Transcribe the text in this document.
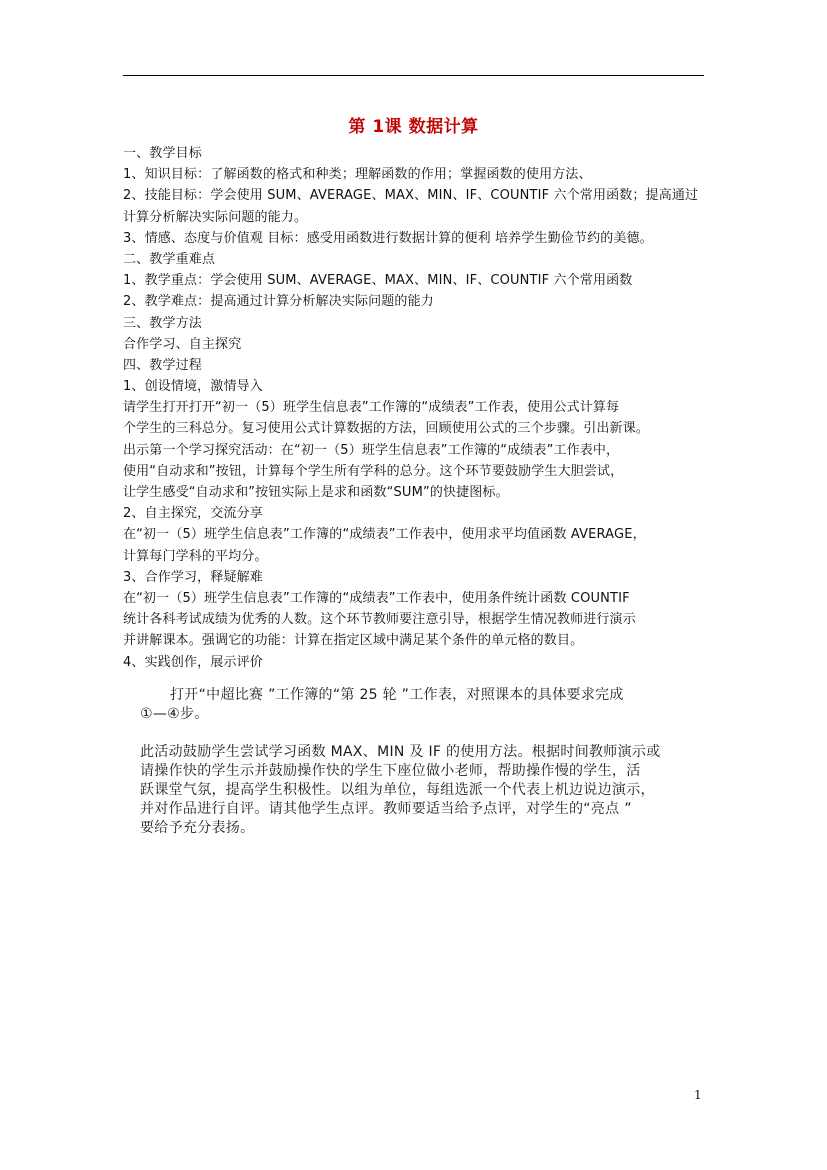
第 1课 数据计算
一、教学目标
1、知识目标：了解函数的格式和种类；理解函数的作用；掌握函数的使用方法、
2、技能目标：学会使用 SUM、AVERAGE、MAX、MIN、IF、COUNTIF 六个常用函数；提高通过
计算分析解决实际问题的能力。
3、情感、态度与价值观 目标：感受用函数进行数据计算的便利 培养学生勤俭节约的美德。
二、教学重难点
1、教学重点：学会使用 SUM、AVERAGE、MAX、MIN、IF、COUNTIF 六个常用函数
2、教学难点：提高通过计算分析解决实际问题的能力
三、教学方法
合作学习、自主探究
四、教学过程
1、创设情境，激情导入
请学生打开打开“初一（5）班学生信息表”工作簿的“成绩表”工作表，使用公式计算每
个学生的三科总分。复习使用公式计算数据的方法，回顾使用公式的三个步骤。引出新课。
出示第一个学习探究活动：在“初一（5）班学生信息表”工作簿的“成绩表”工作表中，
使用“自动求和”按钮，计算每个学生所有学科的总分。这个环节要鼓励学生大胆尝试，
让学生感受“自动求和”按钮实际上是求和函数“SUM”的快捷图标。
2、自主探究，交流分享
在“初一（5）班学生信息表”工作簿的“成绩表”工作表中，使用求平均值函数 AVERAGE，
计算每门学科的平均分。
3、合作学习，释疑解难
在“初一（5）班学生信息表”工作簿的“成绩表”工作表中，使用条件统计函数 COUNTIF
统计各科考试成绩为优秀的人数。这个环节教师要注意引导，根据学生情况教师进行演示
并讲解课本。强调它的功能：计算在指定区域中满足某个条件的单元格的数目。
4、实践创作，展示评价
打开“中超比赛 ”工作簿的“第 25 轮 ”工作表，对照课本的具体要求完成
①—④步。
此活动鼓励学生尝试学习函数 MAX、MIN 及 IF 的使用方法。根据时间教师演示或
请操作快的学生示并鼓励操作快的学生下座位做小老师，帮助操作慢的学生，活
跃课堂气氛，提高学生积极性。以组为单位，每组选派一个代表上机边说边演示，
并对作品进行自评。请其他学生点评。教师要适当给予点评，对学生的“亮点 ”
要给予充分表扬。
1
